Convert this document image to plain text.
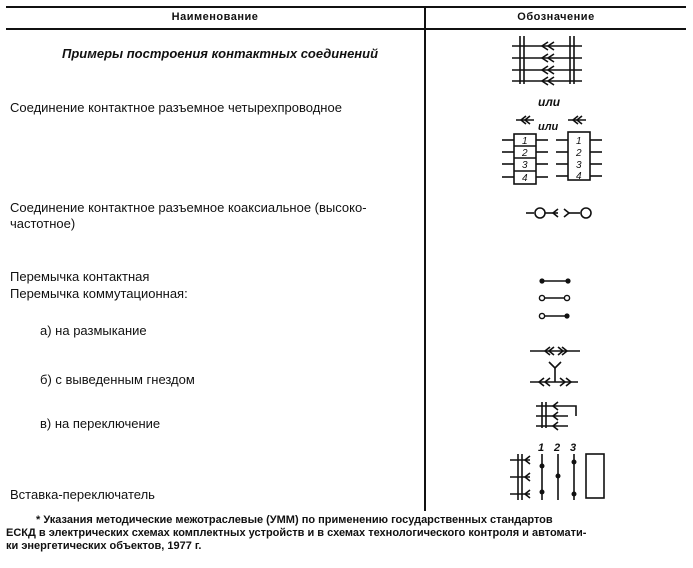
Наименование	Обозначение
Примеры построения контактных соединений
Соединение контактное разъемное четырехпроводное
Соединение контактное разъемное коаксиальное (высоко-
частотное)
Перемычка контактная
Перемычка коммутационная:
а) на размыкание
б) с выведенным гнездом
в) на переключение
Вставка-переключатель
или
или
1
2
3
4
1
2
3
4
1 2 3
* Указания методические межотраслевые (УММ) по применению государственных стандартов
ЕСКД в электрических схемах комплектных устройств и в схемах технологического контроля и автомати-
ки энергетических объектов, 1977 г.
